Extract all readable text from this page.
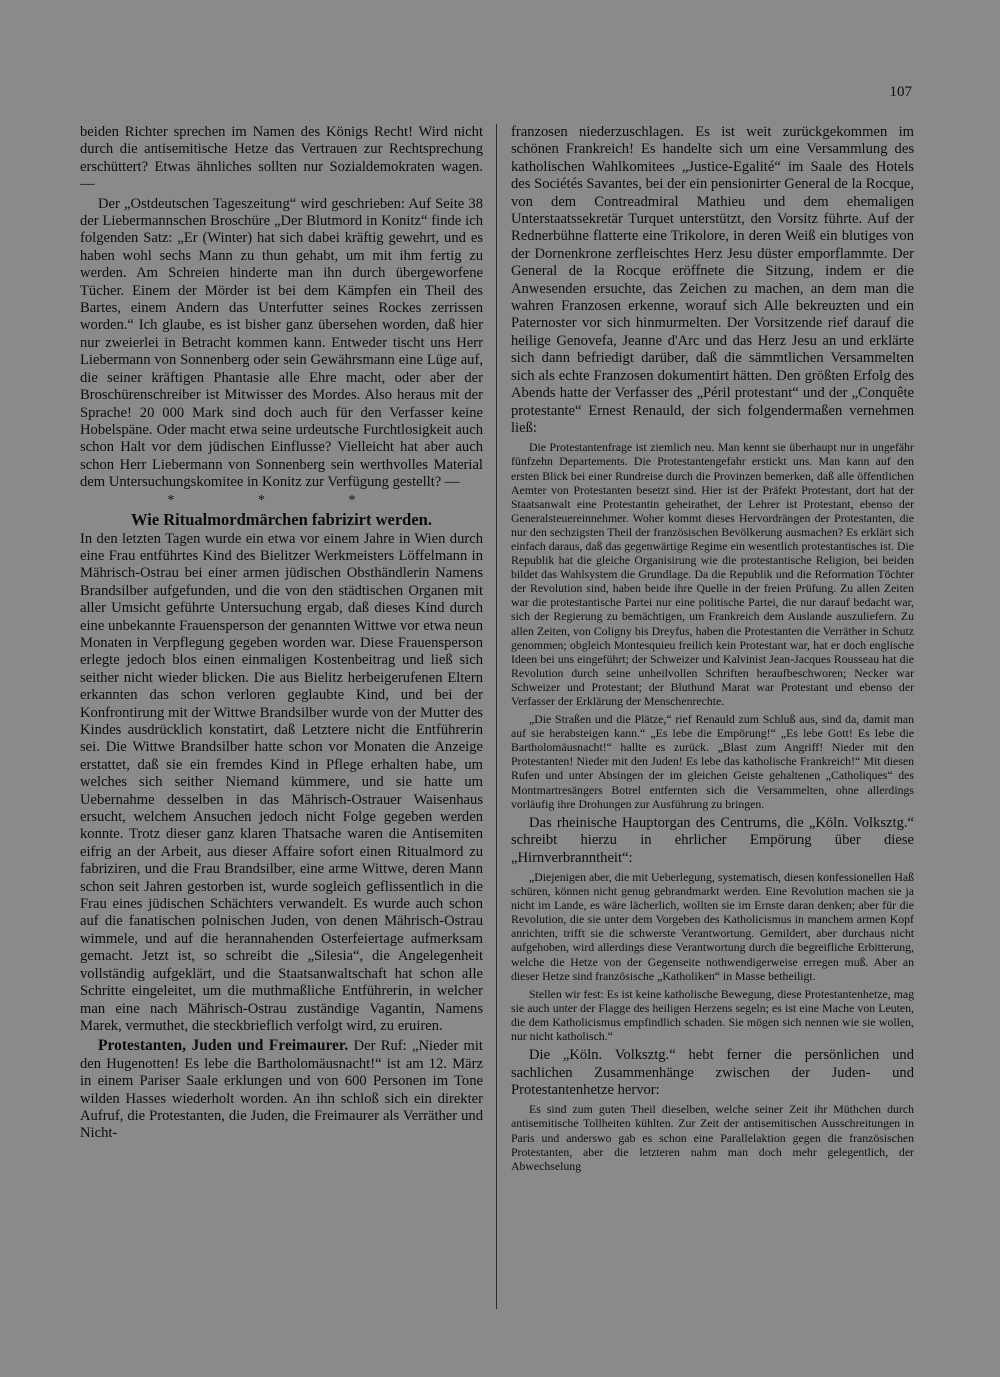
107

beiden Richter sprechen im Namen des Königs Recht! Wird nicht durch die antisemitische Hetze das Vertrauen zur Rechtsprechung erschüttert? Etwas ähnliches sollten nur Sozialdemokraten wagen. —

Der „Ostdeutschen Tageszeitung“ wird geschrieben: Auf Seite 38 der Liebermannschen Broschüre „Der Blutmord in Konitz“ finde ich folgenden Satz: „Er (Winter) hat sich dabei kräftig gewehrt, und es haben wohl sechs Mann zu thun gehabt, um mit ihm fertig zu werden. Am Schreien hinderte man ihn durch übergeworfene Tücher. Einem der Mörder ist bei dem Kämpfen ein Theil des Bartes, einem Andern das Unterfutter seines Rockes zerrissen worden.“ Ich glaube, es ist bisher ganz übersehen worden, daß hier nur zweierlei in Betracht kommen kann. Entweder tischt uns Herr Liebermann von Sonnenberg oder sein Gewährsmann eine Lüge auf, die seiner kräftigen Phantasie alle Ehre macht, oder aber der Broschürenschreiber ist Mitwisser des Mordes. Also heraus mit der Sprache! 20 000 Mark sind doch auch für den Verfasser keine Hobelspäne. Oder macht etwa seine urdeutsche Furchtlosigkeit auch schon Halt vor dem jüdischen Einflusse? Vielleicht hat aber auch schon Herr Liebermann von Sonnenberg sein werthvolles Material dem Untersuchungskomitee in Konitz zur Verfügung gestellt? —

* * *
Wie Ritualmordmärchen fabrizirt werden.

In den letzten Tagen wurde ein etwa vor einem Jahre in Wien durch eine Frau entführtes Kind des Bielitzer Werkmeisters Löffelmann in Mährisch-Ostrau bei einer armen jüdischen Obsthändlerin Namens Brandsilber aufgefunden, und die von den städtischen Organen mit aller Umsicht geführte Untersuchung ergab, daß dieses Kind durch eine unbekannte Frauensperson der genannten Wittwe vor etwa neun Monaten in Verpflegung gegeben worden war. Diese Frauensperson erlegte jedoch blos einen einmaligen Kostenbeitrag und ließ sich seither nicht wieder blicken. Die aus Bielitz herbeigerufenen Eltern erkannten das schon verloren geglaubte Kind, und bei der Konfrontirung mit der Wittwe Brandsilber wurde von der Mutter des Kindes ausdrücklich konstatirt, daß Letztere nicht die Entführerin sei. Die Wittwe Brandsilber hatte schon vor Monaten die Anzeige erstattet, daß sie ein fremdes Kind in Pflege erhalten habe, um welches sich seither Niemand kümmere, und sie hatte um Uebernahme desselben in das Mährisch-Ostrauer Waisenhaus ersucht, welchem Ansuchen jedoch nicht Folge gegeben werden konnte. Trotz dieser ganz klaren Thatsache waren die Antisemiten eifrig an der Arbeit, aus dieser Affaire sofort einen Ritualmord zu fabriziren, und die Frau Brandsilber, eine arme Wittwe, deren Mann schon seit Jahren gestorben ist, wurde sogleich geflissentlich in die Frau eines jüdischen Schächters verwandelt. Es wurde auch schon auf die fanatischen polnischen Juden, von denen Mährisch-Ostrau wimmele, und auf die herannahenden Osterfeiertage aufmerksam gemacht. Jetzt ist, so schreibt die „Silesia“, die Angelegenheit vollständig aufgeklärt, und die Staatsanwaltschaft hat schon alle Schritte eingeleitet, um die muthmaßliche Entführerin, in welcher man eine nach Mährisch-Ostrau zuständige Vagantin, Namens Marek, vermuthet, die steckbrieflich verfolgt wird, zu eruiren.

Protestanten, Juden und Freimaurer. Der Ruf: „Nieder mit den Hugenotten! Es lebe die Bartholomäusnacht!“ ist am 12. März in einem Pariser Saale erklungen und von 600 Personen im Tone wilden Hasses wiederholt worden. An ihn schloß sich ein direkter Aufruf, die Protestanten, die Juden, die Freimaurer als Verräther und Nicht-

franzosen niederzuschlagen. Es ist weit zurückgekommen im schönen Frankreich! Es handelte sich um eine Versammlung des katholischen Wahlkomitees „Justice-Egalité“ im Saale des Hotels des Sociétés Savantes, bei der ein pensionirter General de la Rocque, von dem Contreadmiral Mathieu und dem ehemaligen Unterstaatssekretär Turquet unterstützt, den Vorsitz führte. Auf der Rednerbühne flatterte eine Trikolore, in deren Weiß ein blutiges von der Dornenkrone zerfleischtes Herz Jesu düster emporflammte. Der General de la Rocque eröffnete die Sitzung, indem er die Anwesenden ersuchte, das Zeichen zu machen, an dem man die wahren Franzosen erkenne, worauf sich Alle bekreuzten und ein Paternoster vor sich hinmurmelten. Der Vorsitzende rief darauf die heilige Genovefa, Jeanne d'Arc und das Herz Jesu an und erklärte sich dann befriedigt darüber, daß die sämmtlichen Versammelten sich als echte Franzosen dokumentirt hätten. Den größten Erfolg des Abends hatte der Verfasser des „Péril protestant“ und der „Conquête protestante“ Ernest Renauld, der sich folgendermaßen vernehmen ließ:

Die Protestantenfrage ist ziemlich neu. Man kennt sie überhaupt nur in ungefähr fünfzehn Departements. Die Protestantengefahr erstickt uns. Man kann auf den ersten Blick bei einer Rundreise durch die Provinzen bemerken, daß alle öffentlichen Aemter von Protestanten besetzt sind. Hier ist der Präfekt Protestant, dort hat der Staatsanwalt eine Protestantin geheirathet, der Lehrer ist Protestant, ebenso der Generalsteuereinnehmer. Woher kommt dieses Hervordrängen der Protestanten, die nur den sechzigsten Theil der französischen Bevölkerung ausmachen? Es erklärt sich einfach daraus, daß das gegenwärtige Regime ein wesentlich protestantisches ist. Die Republik hat die gleiche Organisirung wie die protestantische Religion, bei beiden bildet das Wahlsystem die Grundlage. Da die Republik und die Reformation Töchter der Revolution sind, haben beide ihre Quelle in der freien Prüfung. Zu allen Zeiten war die protestantische Partei nur eine politische Partei, die nur darauf bedacht war, sich der Regierung zu bemächtigen, um Frankreich dem Auslande auszuliefern. Zu allen Zeiten, von Coligny bis Dreyfus, haben die Protestanten die Verräther in Schutz genommen; obgleich Montesquieu freilich kein Protestant war, hat er doch englische Ideen bei uns eingeführt; der Schweizer und Kalvinist Jean-Jacques Rousseau hat die Revolution durch seine unheilvollen Schriften heraufbeschworen; Necker war Schweizer und Protestant; der Bluthund Marat war Protestant und ebenso der Verfasser der Erklärung der Menschenrechte.

„Die Straßen und die Plätze,“ rief Renauld zum Schluß aus, sind da, damit man auf sie herabsteigen kann.“ „Es lebe die Empörung!“ „Es lebe Gott! Es lebe die Bartholomäusnacht!“ hallte es zurück. „Blast zum Angriff! Nieder mit den Protestanten! Nieder mit den Juden! Es lebe das katholische Frankreich!“ Mit diesen Rufen und unter Absingen der im gleichen Geiste gehaltenen „Catholiques“ des Montmartresängers Botrel entfernten sich die Versammelten, ohne allerdings vorläufig ihre Drohungen zur Ausführung zu bringen.

Das rheinische Hauptorgan des Centrums, die „Köln. Volksztg.“ schreibt hierzu in ehrlicher Empörung über diese „Hirnverbranntheit“:

„Diejenigen aber, die mit Ueberlegung, systematisch, diesen konfessionellen Haß schüren, können nicht genug gebrandmarkt werden. Eine Revolution machen sie ja nicht im Lande, es wäre lächerlich, wollten sie im Ernste daran denken; aber für die Revolution, die sie unter dem Vorgeben des Katholicismus in manchem armen Kopf anrichten, trifft sie die schwerste Verantwortung. Gemildert, aber durchaus nicht aufgehoben, wird allerdings diese Verantwortung durch die begreifliche Erbitterung, welche die Hetze von der Gegenseite nothwendigerweise erregen muß. Aber an dieser Hetze sind französische „Katholiken“ in Masse betheiligt.

Stellen wir fest: Es ist keine katholische Bewegung, diese Protestantenhetze, mag sie auch unter der Flagge des heiligen Herzens segeln; es ist eine Mache von Leuten, die dem Katholicismus empfindlich schaden. Sie mögen sich nennen wie sie wollen, nur nicht katholisch.“

Die „Köln. Volksztg.“ hebt ferner die persönlichen und sachlichen Zusammenhänge zwischen der Juden- und Protestantenhetze hervor:

Es sind zum guten Theil dieselben, welche seiner Zeit ihr Müthchen durch antisemitische Tollheiten kühlten. Zur Zeit der antisemitischen Ausschreitungen in Paris und anderswo gab es schon eine Parallelaktion gegen die französischen Protestanten, aber die letzteren nahm man doch mehr gelegentlich, der Abwechselung
